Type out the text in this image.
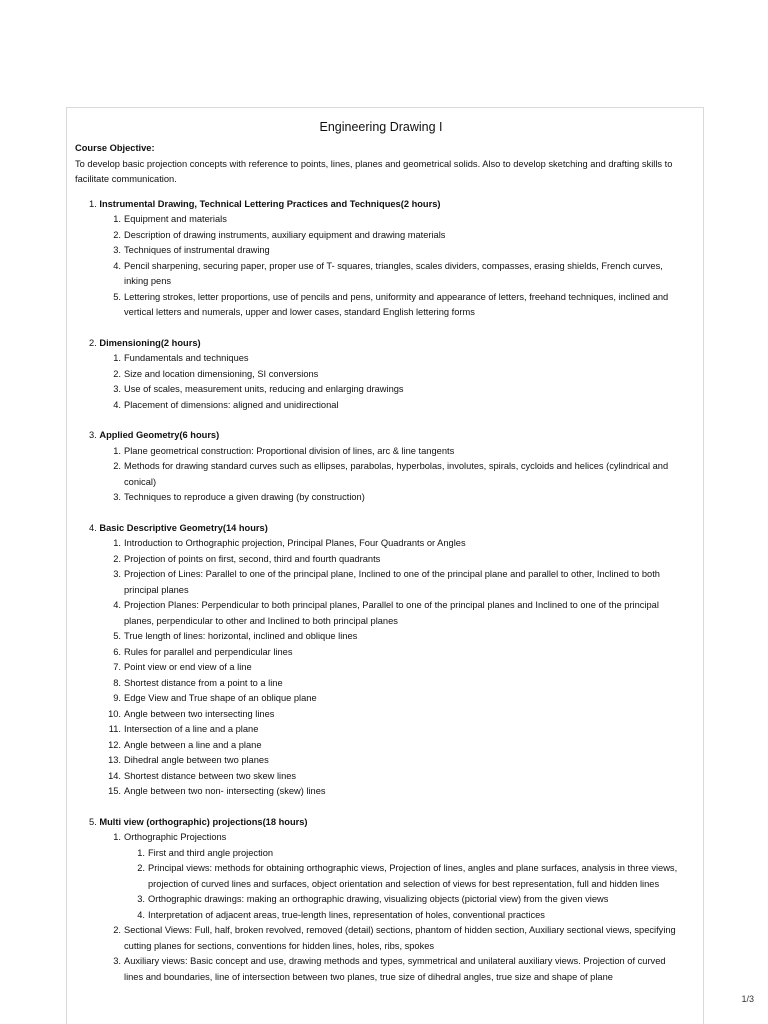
Engineering Drawing I
Course Objective:
To develop basic projection concepts with reference to points, lines, planes and geometrical solids. Also to develop sketching and drafting skills to facilitate communication.
1. Instrumental Drawing, Technical Lettering Practices and Techniques(2 hours)
1. Equipment and materials
2. Description of drawing instruments, auxiliary equipment and drawing materials
3. Techniques of instrumental drawing
4. Pencil sharpening, securing paper, proper use of T- squares, triangles, scales dividers, compasses, erasing shields, French curves, inking pens
5. Lettering strokes, letter proportions, use of pencils and pens, uniformity and appearance of letters, freehand techniques, inclined and vertical letters and numerals, upper and lower cases, standard English lettering forms
2. Dimensioning(2 hours)
1. Fundamentals and techniques
2. Size and location dimensioning, SI conversions
3. Use of scales, measurement units, reducing and enlarging drawings
4. Placement of dimensions: aligned and unidirectional
3. Applied Geometry(6 hours)
1. Plane geometrical construction: Proportional division of lines, arc & line tangents
2. Methods for drawing standard curves such as ellipses, parabolas, hyperbolas, involutes, spirals, cycloids and helices (cylindrical and conical)
3. Techniques to reproduce a given drawing (by construction)
4. Basic Descriptive Geometry(14 hours)
1. Introduction to Orthographic projection, Principal Planes, Four Quadrants or Angles
2. Projection of points on first, second, third and fourth quadrants
3. Projection of Lines: Parallel to one of the principal plane, Inclined to one of the principal plane and parallel to other, Inclined to both principal planes
4. Projection Planes: Perpendicular to both principal planes, Parallel to one of the principal planes and Inclined to one of the principal planes, perpendicular to other and Inclined to both principal planes
5. True length of lines: horizontal, inclined and oblique lines
6. Rules for parallel and perpendicular lines
7. Point view or end view of a line
8. Shortest distance from a point to a line
9. Edge View and True shape of an oblique plane
10. Angle between two intersecting lines
11. Intersection of a line and a plane
12. Angle between a line and a plane
13. Dihedral angle between two planes
14. Shortest distance between two skew lines
15. Angle between two non- intersecting (skew) lines
5. Multi view (orthographic) projections(18 hours)
1. Orthographic Projections
1. First and third angle projection
2. Principal views: methods for obtaining orthographic views, Projection of lines, angles and plane surfaces, analysis in three views, projection of curved lines and surfaces, object orientation and selection of views for best representation, full and hidden lines
3. Orthographic drawings: making an orthographic drawing, visualizing objects (pictorial view) from the given views
4. Interpretation of adjacent areas, true-length lines, representation of holes, conventional practices
2. Sectional Views: Full, half, broken revolved, removed (detail) sections, phantom of hidden section, Auxiliary sectional views, specifying cutting planes for sections, conventions for hidden lines, holes, ribs, spokes
3. Auxiliary views: Basic concept and use, drawing methods and types, symmetrical and unilateral auxiliary views. Projection of curved lines and boundaries, line of intersection between two planes, true size of dihedral angles, true size and shape of plane
1/3
